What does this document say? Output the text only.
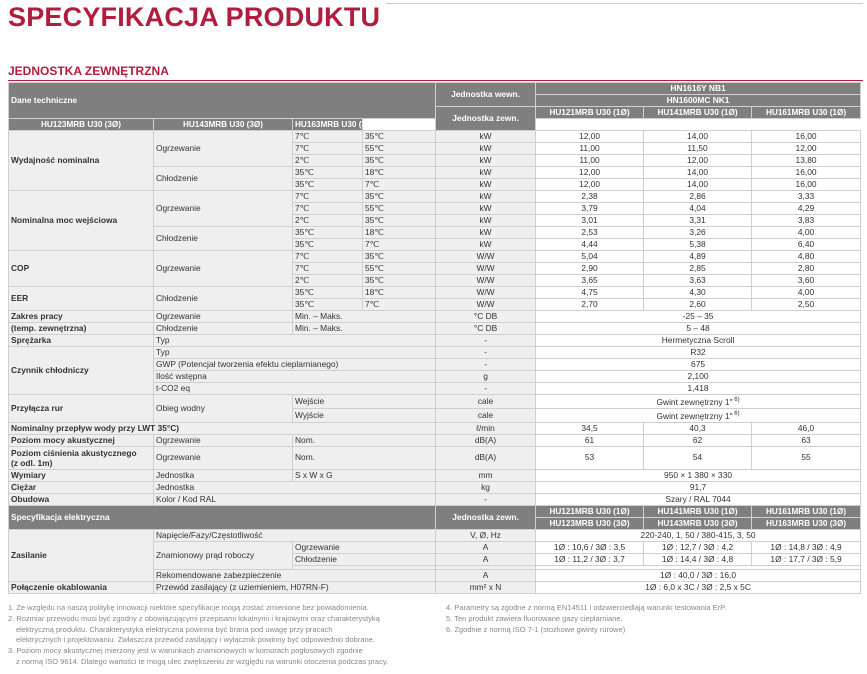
SPECYFIKACJA PRODUKTU
JEDNOSTKA ZEWNĘTRZNA
Dane techniczne				Jednostka wewn.	HN1616Y NB1		
					HN1600MC NK1		
				Jednostka zewn.	HU121MRB U30 (1Ø)	HU141MRB U30 (1Ø)	HU161MRB U30 (1Ø)
HU123MRB U30 (3Ø)	HU143MRB U30 (3Ø)	HU163MRB U30 (3Ø)					
Wydajność nominalna	Ogrzewanie	7℃	35℃	kW	12,00	14,00	16,00
		7℃	55℃	kW	11,00	11,50	12,00
		2℃	35℃	kW	11,00	12,00	13,80
	Chłodzenie	35℃	18℃	kW	12,00	14,00	16,00
		35℃	7℃	kW	12,00	14,00	16,00
Nominalna moc wejściowa	Ogrzewanie	7℃	35℃	kW	2,38	2,86	3,33
		7℃	55℃	kW	3,79	4,04	4,29
		2℃	35℃	kW	3,01	3,31	3,83
	Chłodzenie	35℃	18℃	kW	2,53	3,26	4,00
		35℃	7℃	kW	4,44	5,38	6,40
COP	Ogrzewanie	7℃	35℃	W/W	5,04	4,89	4,80
		7℃	55℃	W/W	2,90	2,85	2,80
		2℃	35℃	W/W	3,65	3,63	3,60
EER	Chłodzenie	35℃	18℃	W/W	4,75	4,30	4,00
		35℃	7℃	W/W	2,70	2,60	2,50
Zakres pracy	Ogrzewanie	Min. – Maks.		°C DB	-25 – 35		
(temp. zewnętrzna)	Chłodzenie	Min. – Maks.		°C DB	5 – 48		
Sprężarka	Typ			-	Hermetyczna Scroll		
Czynnik chłodniczy	Typ			-	R32		
	GWP (Potencjał tworzenia efektu cieplarnianego)			-	675		
	Ilość wstępna			g	2,100		
	t-CO2 eq			-	1,418		
Przyłącza rur	Obieg wodny	Wejście		cale	Gwint zewnętrzny 1" $^{6)}$
		Wyjście		cale	Gwint zewnętrzny 1" $^{6)}$
Nominalny przepływ wody przy LWT 35°C)				ℓ/min	34,5	40,3	46,0
Poziom mocy akustycznej	Ogrzewanie	Nom.		dB(A)	61	62	63

Poziom ciśnienia akustycznego
(z odl. 1m)	Ogrzewanie	Nom.		dB(A)	53	54	55
Wymiary	Jednostka	S x W x G		mm	950 × 1 380 × 330		
Ciężar	Jednostka			kg	91,7		
Obudowa	Kolor / Kod RAL			-	Szary / RAL 7044		
Specyfikacja elektryczna				Jednostka zewn.	HU121MRB U30 (1Ø)	HU141MRB U30 (1Ø)	HU161MRB U30 (1Ø)
					HU123MRB U30 (3Ø)	HU143MRB U30 (3Ø)	HU163MRB U30 (3Ø)
Zasilanie	Napięcie/Fazy/Częstotliwość			V, Ø, Hz	220-240, 1, 50 / 380-415, 3, 50		
	Znamionowy prąd roboczy	Ogrzewanie		A	1Ø : 10,6 / 3Ø : 3,5	1Ø : 12,7 / 3Ø : 4,2	1Ø : 14,8 / 3Ø : 4,9
		Chłodzenie		A	1Ø : 11,2 / 3Ø : 3,7	1Ø : 14,4 / 3Ø : 4,8	1Ø : 17,7 / 3Ø : 5,9

	Rekomendowane zabezpieczenie			A	1Ø : 40,0 / 3Ø : 16,0		
Połączenie okablowania	Przewód zasilający (z uziemieniem, H07RN-F)			mm² x N	1Ø : 6,0 x 3C / 3Ø : 2,5 x 5C		
1. Ze względu na naszą politykę innowacji niektóre specyfikacje mogą zostać zmienione bez powiadomienia.
2. Rozmiar przewodu musi być zgodny z obowiązującymi przepisami lokalnymi i krajowymi oraz charakterystyką
elektryczną produktu. Charakterystyka elektryczna powinna być brana pod uwagę przy pracach
elektrycznych i projektowaniu. Zwłaszcza przewód zasilający i wyłącznik powinny być odpowiednio dobrane.
3. Poziom mocy akustycznej mierzony jest w warunkach znamionowych w komorach pogłosowych zgodnie
z normą ISO 9614. Dlatego wartości te mogą ulec zwiększeniu ze względu na warunki otoczenia podczas pracy.
4. Parametry są zgodne z normą EN14511 i odzwierciedlają warunki testowania ErP.
5. Ten produkt zawiera fluorowane gazy cieplarniane.
6. Zgodnie z normą ISO 7-1 (stożkowe gwinty rurowe)
